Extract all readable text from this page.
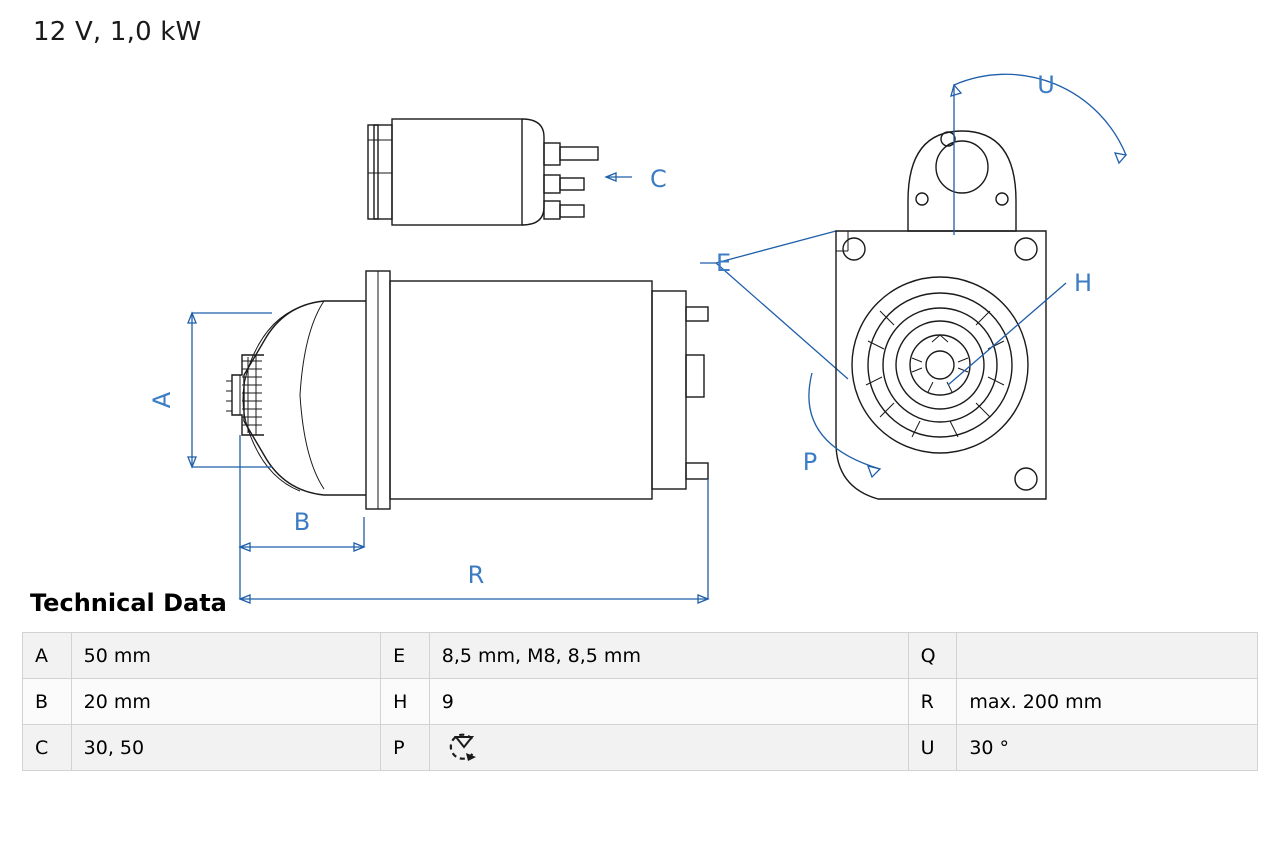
12 V, 1,0 kW
A
B
R
C
E
U
H
P
Technical Data
A	50 mm	E	8,5 mm, M8, 8,5 mm	Q	
B	20 mm	H	9	R	max. 200 mm
C	30, 50	P		U	30 °
